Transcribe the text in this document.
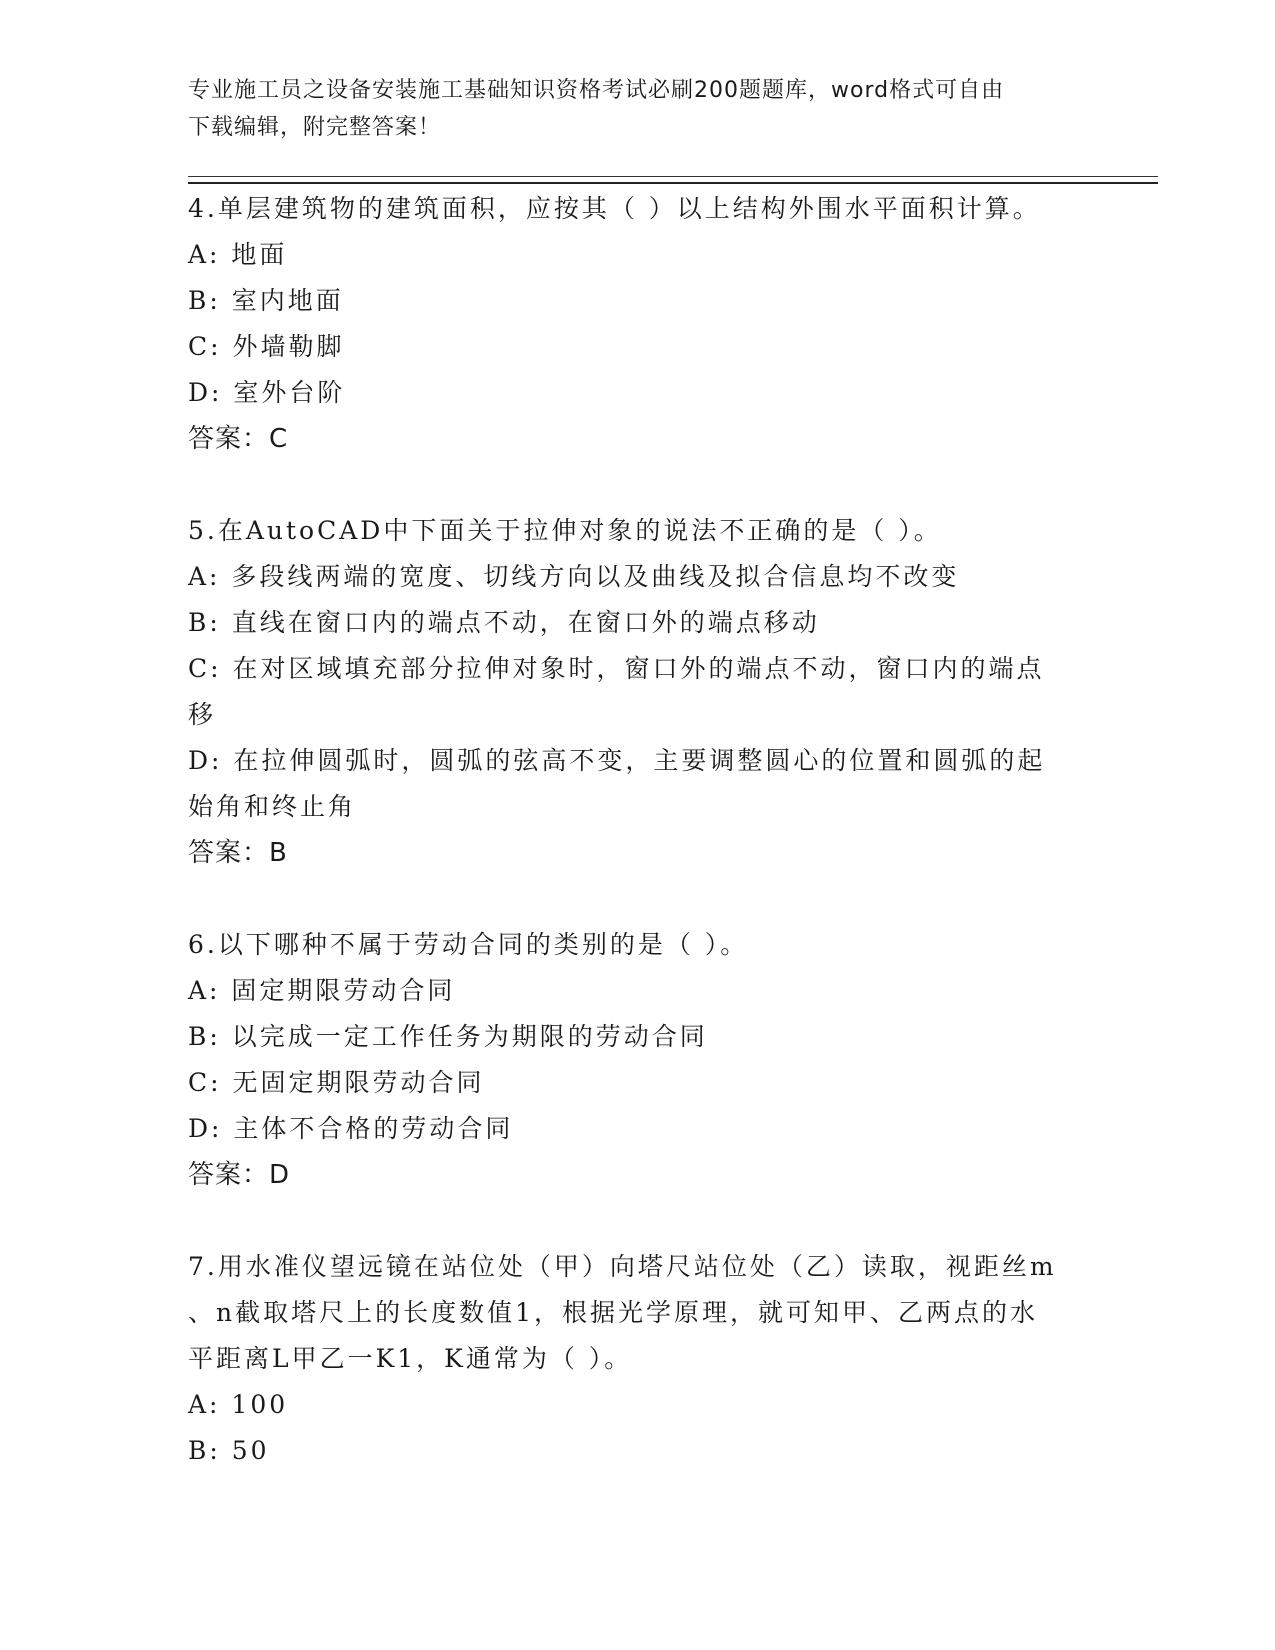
专业施工员之设备安装施工基础知识资格考试必刷200题题库，word格式可自由
下载编辑，附完整答案！
4.单层建筑物的建筑面积，应按其（ ）以上结构外围水平面积计算。
A: 地面
B: 室内地面
C: 外墙勒脚
D: 室外台阶
答案：C
5.在AutoCAD中下面关于拉伸对象的说法不正确的是（ ）。
A: 多段线两端的宽度、切线方向以及曲线及拟合信息均不改变
B: 直线在窗口内的端点不动，在窗口外的端点移动
C: 在对区域填充部分拉伸对象时，窗口外的端点不动，窗口内的端点
移
D: 在拉伸圆弧时，圆弧的弦高不变，主要调整圆心的位置和圆弧的起
始角和终止角
答案：B
6.以下哪种不属于劳动合同的类别的是（ ）。
A: 固定期限劳动合同
B: 以完成一定工作任务为期限的劳动合同
C: 无固定期限劳动合同
D: 主体不合格的劳动合同
答案：D
7.用水准仪望远镜在站位处（甲）向塔尺站位处（乙）读取，视距丝m
、n截取塔尺上的长度数值1，根据光学原理，就可知甲、乙两点的水
平距离L甲乙一K1，K通常为（ ）。
A: 100
B: 50
